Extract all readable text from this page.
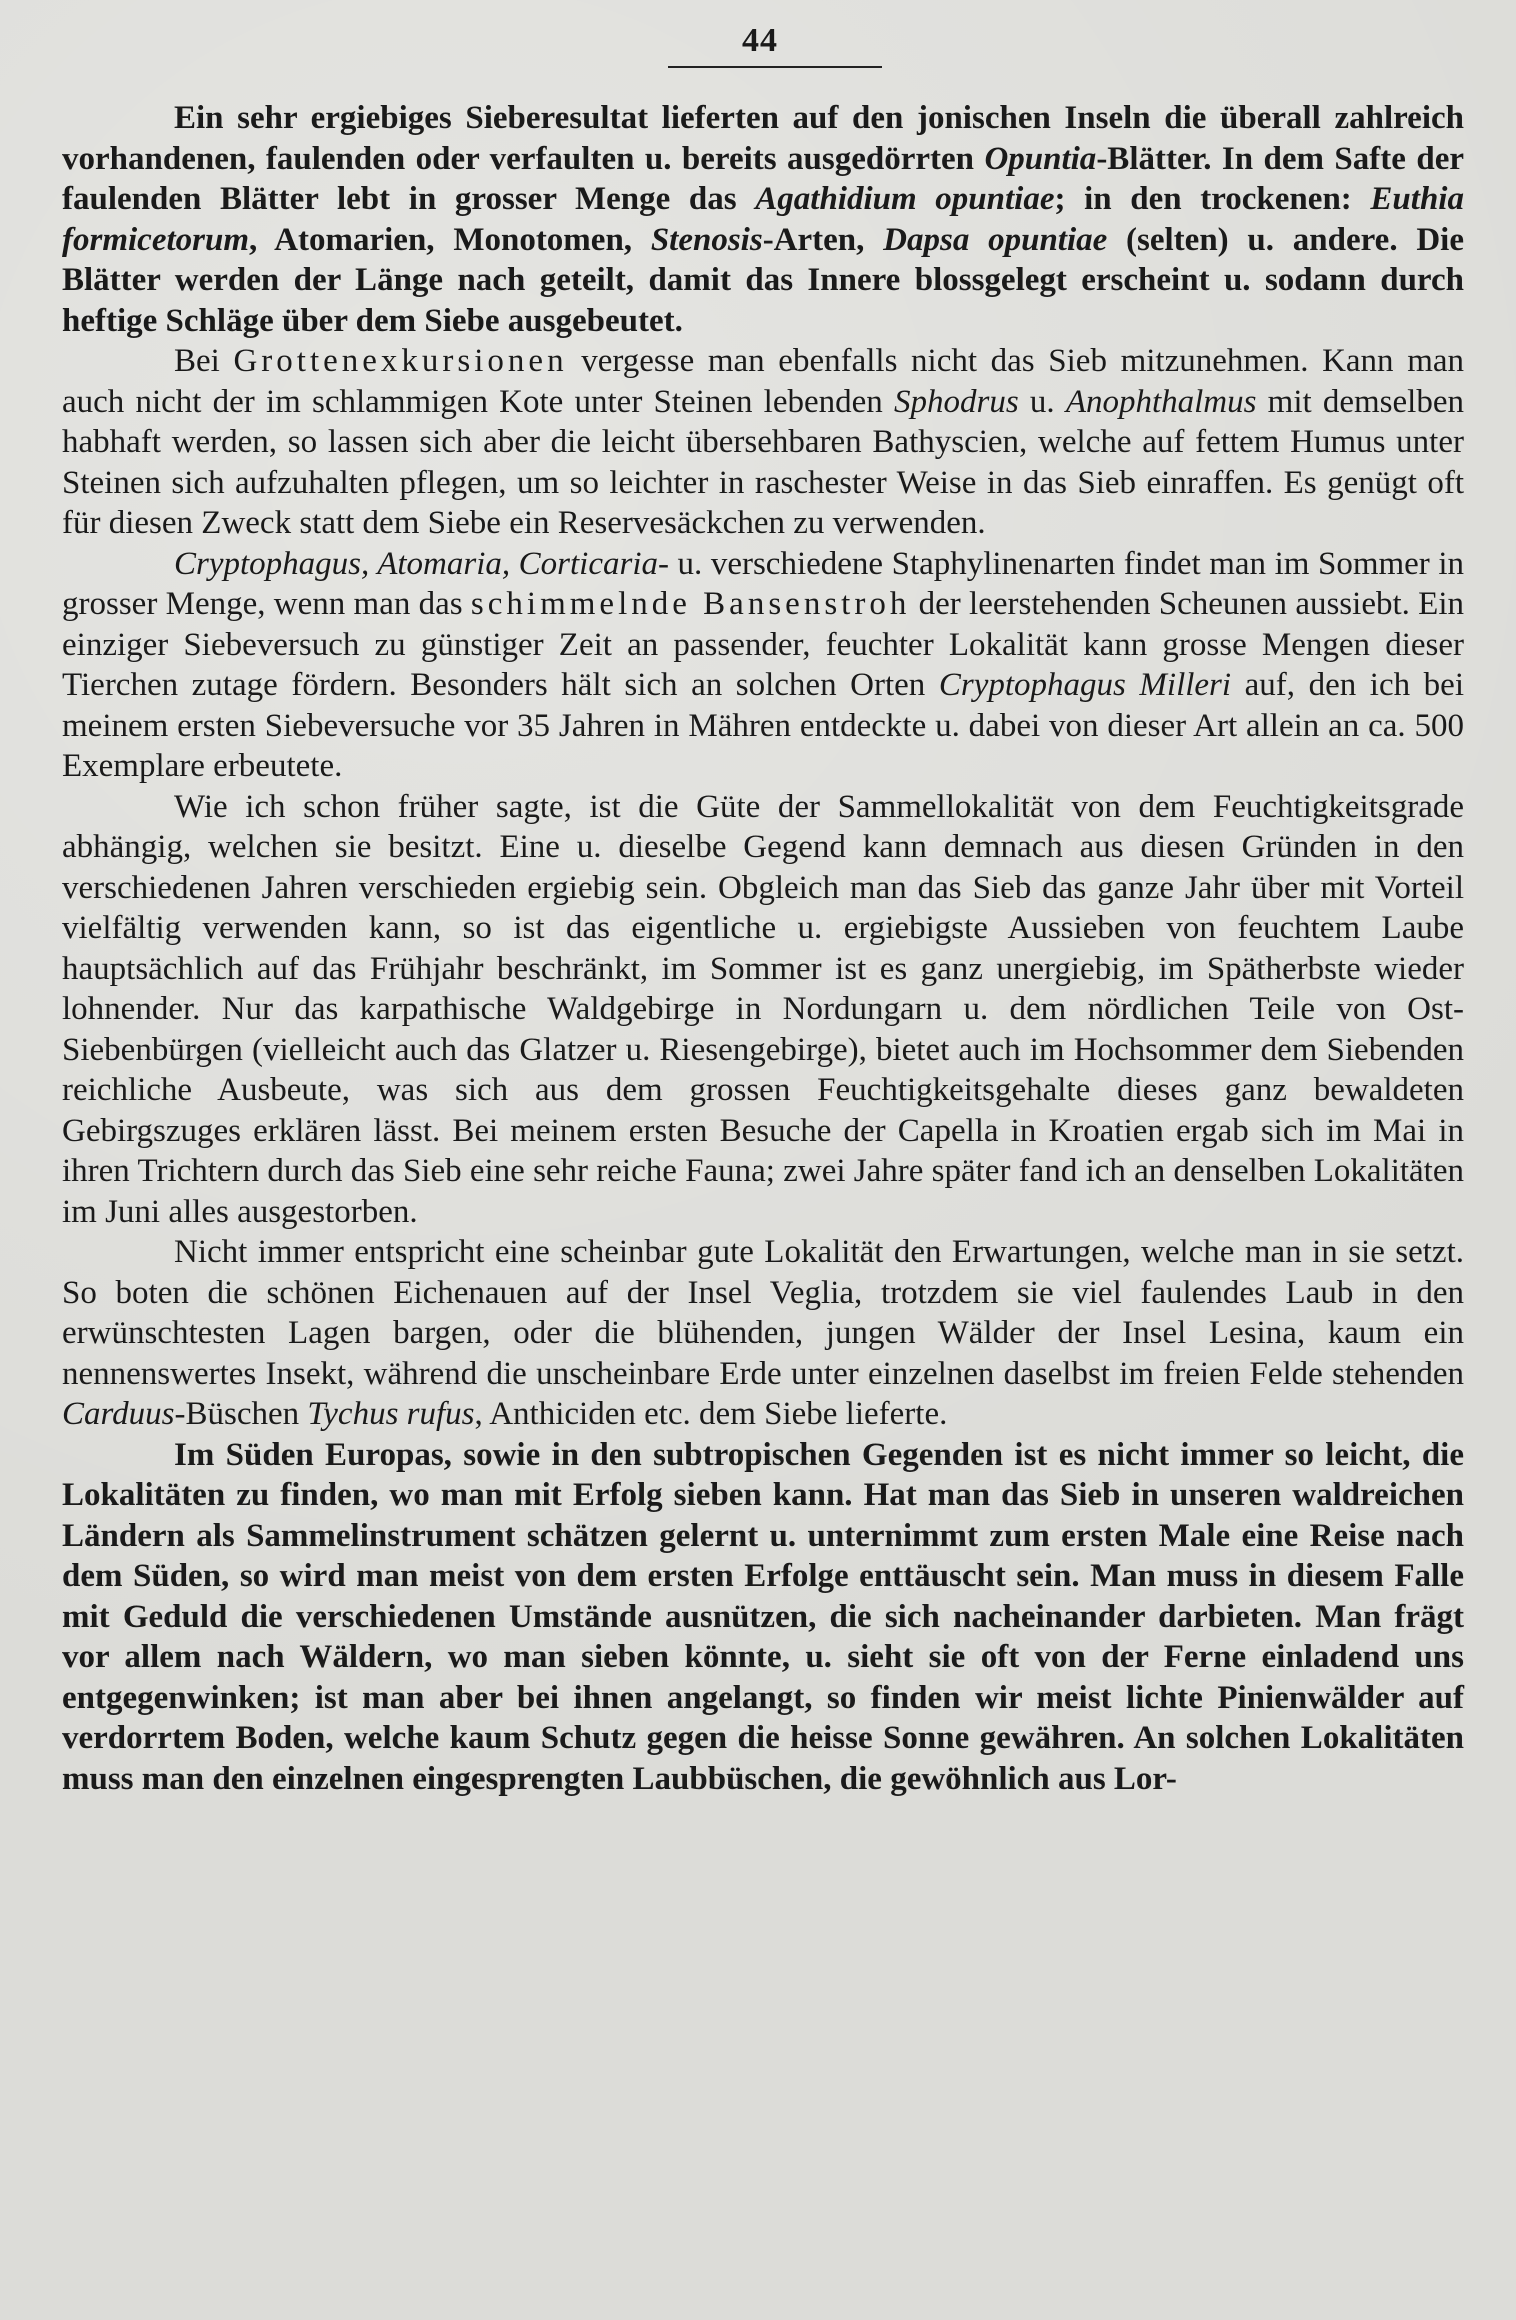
44

Ein sehr ergiebiges Sieberesultat lieferten auf den jonischen Inseln die überall zahlreich vorhandenen, faulenden oder verfaulten u. bereits ausgedörrten Opuntia-Blätter. In dem Safte der faulenden Blätter lebt in grosser Menge das Agathidium opuntiae; in den trockenen: Euthia formicetorum, Atomarien, Monotomen, Stenosis-Arten, Dapsa opuntiae (selten) u. andere. Die Blätter werden der Länge nach geteilt, damit das Innere blossgelegt erscheint u. sodann durch heftige Schläge über dem Siebe ausgebeutet.

Bei Grottenexkursionen vergesse man ebenfalls nicht das Sieb mitzunehmen. Kann man auch nicht der im schlammigen Kote unter Steinen lebenden Sphodrus u. Anophthalmus mit demselben habhaft werden, so lassen sich aber die leicht übersehbaren Bathyscien, welche auf fettem Humus unter Steinen sich aufzuhalten pflegen, um so leichter in raschester Weise in das Sieb einraffen. Es genügt oft für diesen Zweck statt dem Siebe ein Reservesäckchen zu verwenden.

Cryptophagus, Atomaria, Corticaria- u. verschiedene Staphylinenarten findet man im Sommer in grosser Menge, wenn man das schimmelnde Bansenstroh der leerstehenden Scheunen aussiebt. Ein einziger Siebeversuch zu günstiger Zeit an passender, feuchter Lokalität kann grosse Mengen dieser Tierchen zutage fördern. Besonders hält sich an solchen Orten Cryptophagus Milleri auf, den ich bei meinem ersten Siebeversuche vor 35 Jahren in Mähren entdeckte u. dabei von dieser Art allein an ca. 500 Exemplare erbeutete.

Wie ich schon früher sagte, ist die Güte der Sammellokalität von dem Feuchtigkeitsgrade abhängig, welchen sie besitzt. Eine u. dieselbe Gegend kann demnach aus diesen Gründen in den verschiedenen Jahren verschieden ergiebig sein. Obgleich man das Sieb das ganze Jahr über mit Vorteil vielfältig verwenden kann, so ist das eigentliche u. ergiebigste Aussieben von feuchtem Laube hauptsächlich auf das Frühjahr beschränkt, im Sommer ist es ganz unergiebig, im Spätherbste wieder lohnender. Nur das karpathische Waldgebirge in Nordungarn u. dem nördlichen Teile von Ost-Siebenbürgen (vielleicht auch das Glatzer u. Riesengebirge), bietet auch im Hochsommer dem Siebenden reichliche Ausbeute, was sich aus dem grossen Feuchtigkeitsgehalte dieses ganz bewaldeten Gebirgszuges erklären lässt. Bei meinem ersten Besuche der Capella in Kroatien ergab sich im Mai in ihren Trichtern durch das Sieb eine sehr reiche Fauna; zwei Jahre später fand ich an denselben Lokalitäten im Juni alles ausgestorben.

Nicht immer entspricht eine scheinbar gute Lokalität den Erwartungen, welche man in sie setzt. So boten die schönen Eichenauen auf der Insel Veglia, trotzdem sie viel faulendes Laub in den erwünschtesten Lagen bargen, oder die blühenden, jungen Wälder der Insel Lesina, kaum ein nennenswertes Insekt, während die unscheinbare Erde unter einzelnen daselbst im freien Felde stehenden Carduus-Büschen Tychus rufus, Anthiciden etc. dem Siebe lieferte.

Im Süden Europas, sowie in den subtropischen Gegenden ist es nicht immer so leicht, die Lokalitäten zu finden, wo man mit Erfolg sieben kann. Hat man das Sieb in unseren waldreichen Ländern als Sammelinstrument schätzen gelernt u. unternimmt zum ersten Male eine Reise nach dem Süden, so wird man meist von dem ersten Erfolge enttäuscht sein. Man muss in diesem Falle mit Geduld die verschiedenen Umstände ausnützen, die sich nacheinander darbieten. Man frägt vor allem nach Wäldern, wo man sieben könnte, u. sieht sie oft von der Ferne einladend uns entgegenwinken; ist man aber bei ihnen angelangt, so finden wir meist lichte Pinienwälder auf verdorrtem Boden, welche kaum Schutz gegen die heisse Sonne gewähren. An solchen Lokalitäten muss man den einzelnen eingesprengten Laubbüschen, die gewöhnlich aus Lor-
